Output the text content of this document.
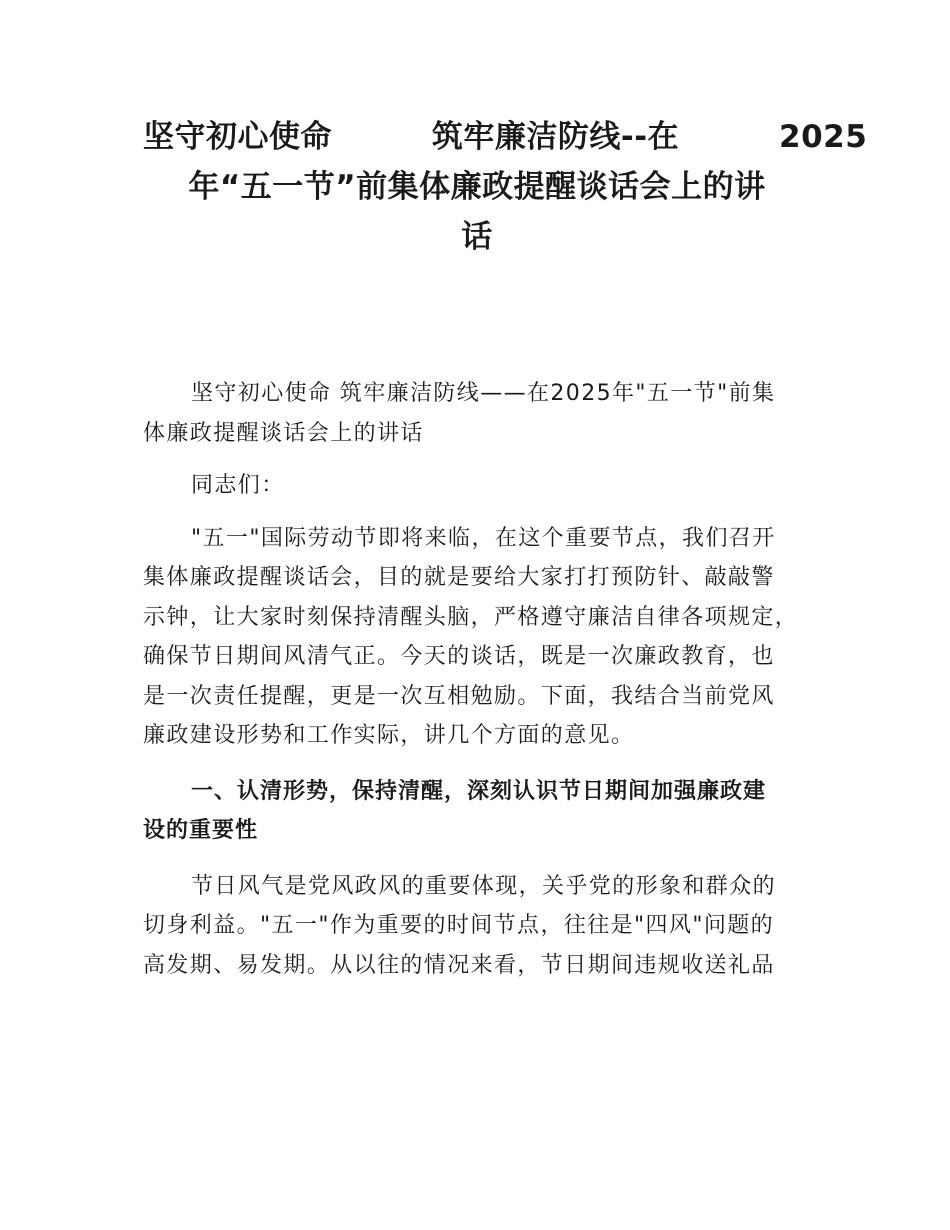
坚守初心使命	筑牢廉洁防线--在	2025
年“五一节”前集体廉政提醒谈话会上的讲
话

坚守初心使命 筑牢廉洁防线——在2025年"五一节"前集
体廉政提醒谈话会上的讲话

同志们：

"五一"国际劳动节即将来临，在这个重要节点，我们召开
集体廉政提醒谈话会，目的就是要给大家打打预防针、敲敲警
示钟，让大家时刻保持清醒头脑，严格遵守廉洁自律各项规定，
确保节日期间风清气正。今天的谈话，既是一次廉政教育，也
是一次责任提醒，更是一次互相勉励。下面，我结合当前党风
廉政建设形势和工作实际，讲几个方面的意见。

一、认清形势，保持清醒，深刻认识节日期间加强廉政建
设的重要性

节日风气是党风政风的重要体现，关乎党的形象和群众的
切身利益。"五一"作为重要的时间节点，往往是"四风"问题的
高发期、易发期。从以往的情况来看，节日期间违规收送礼品
